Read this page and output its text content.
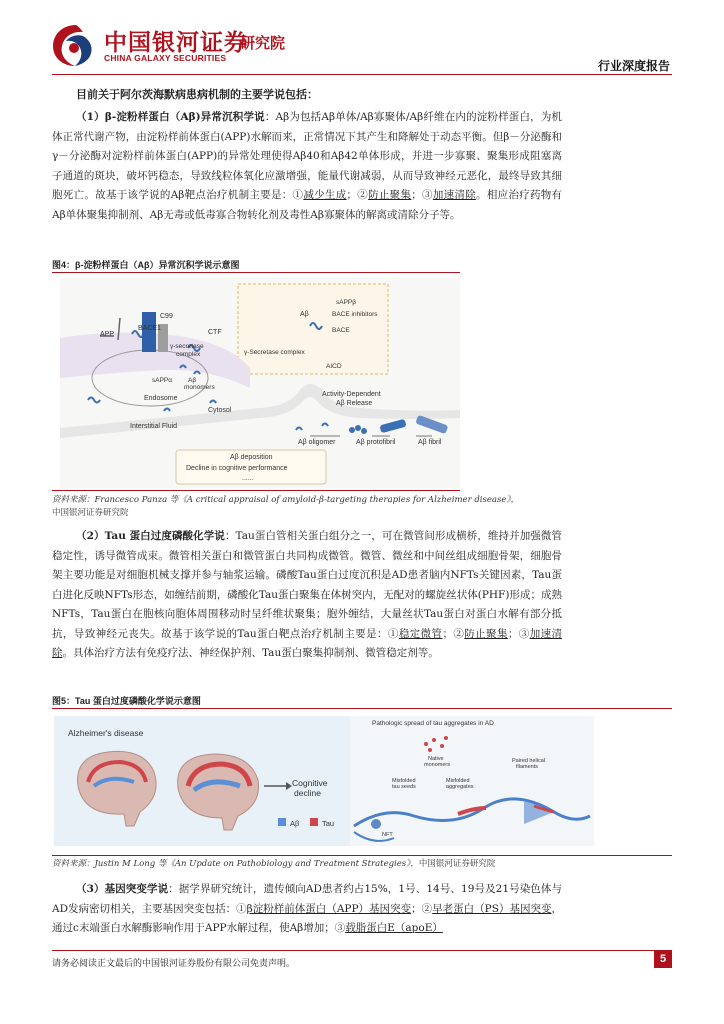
中国银河证券
研究院
CHINA GALAXY SECURITIES
行业深度报告
目前关于阿尔茨海默病患病机制的主要学说包括：
（1）β-淀粉样蛋白（Aβ)异常沉积学说：Aβ为包括Aβ单体/Aβ寡聚体/Aβ纤维在内的淀粉样蛋白，为机体正常代谢产物，由淀粉样前体蛋白(APP)水解而来，正常情况下其产生和降解处于动态平衡。但β－分泌酶和γ－分泌酶对淀粉样前体蛋白(APP)的异常处理使得Aβ40和Aβ42单体形成，并进一步寡聚、聚集形成阻塞离子通道的斑块，破坏钙稳态，导致线粒体氧化应激增强，能量代谢减弱，从而导致神经元恶化，最终导致其细胞死亡。故基于该学说的Aβ靶点治疗机制主要是：①减少生成；②防止聚集；③加速清除。相应治疗药物有Aβ单体聚集抑制剂、Aβ无毒或低毒寡合物转化剂及毒性Aβ寡聚体的解离或清除分子等。
图4：β-淀粉样蛋白（Aβ）异常沉积学说示意图
APP
BACE1
C99
CTF
γ-secretase
complex
Aβ
monomers
sAPPα
Endosome
Cytosol
sAPPβ
Aβ	BACE inhibitors
BACE
γ-Secretase complex
AICD
Activity-Dependent
Aβ Release
Interstitial Fluid
Aβ oligomer	Aβ protofibril	Aβ fibril
Aβ deposition
Decline in cognitive performance
......
资料来源：Francesco Panza 等《A critical appraisal of amyloid-β-targeting therapies for Alzheimer disease》，
中国银河证券研究院
（2）Tau 蛋白过度磷酸化学说：Tau蛋白管相关蛋白组分之一，可在微管间形成横桥，维持并加强微管稳定性，诱导微管成束。微管相关蛋白和微管蛋白共同构成微管。微管、微丝和中间丝组成细胞骨架，细胞骨架主要功能是对细胞机械支撑并参与轴浆运输。磷酸Tau蛋白过度沉积是AD患者脑内NFTs关键因素，Tau蛋白进化反映NFTs形态，如缠结前期，磷酸化Tau蛋白聚集在体树突内，无配对的螺旋丝状体(PHF)形成；成熟NFTs，Tau蛋白在胞核向胞体周围移动时呈纤维状聚集；胞外缠结，大量丝状Tau蛋白对蛋白水解有部分抵抗，导致神经元丧失。故基于该学说的Tau蛋白靶点治疗机制主要是：①稳定微管；②防止聚集；③加速清除。具体治疗方法有免疫疗法、神经保护剂、Tau蛋白聚集抑制剂、微管稳定剂等。
图5：Tau 蛋白过度磷酸化学说示意图
Alzheimer's disease
Cognitive
decline
Aβ	Tau
Pathologic spread of tau aggregates in AD
Native
monomers
Misfolded
tau seeds
Misfolded
aggregates
Paired helical
filaments
NFT
资料来源：Justin M Long 等《An Update on Pathobiology and Treatment Strategies》，中国银河证券研究院
（3）基因突变学说：据学界研究统计，遗传倾向AD患者约占15%，1号、14号、19号及21号染色体与AD发病密切相关，主要基因突变包括：①β淀粉样前体蛋白（APP）基因突变；②早老蛋白（PS）基因突变，通过c末端蛋白水解酶影响作用于APP水解过程，使Aβ增加；③载脂蛋白E（apoE）
请务必阅读正文最后的中国银河证券股份有限公司免责声明。	5
